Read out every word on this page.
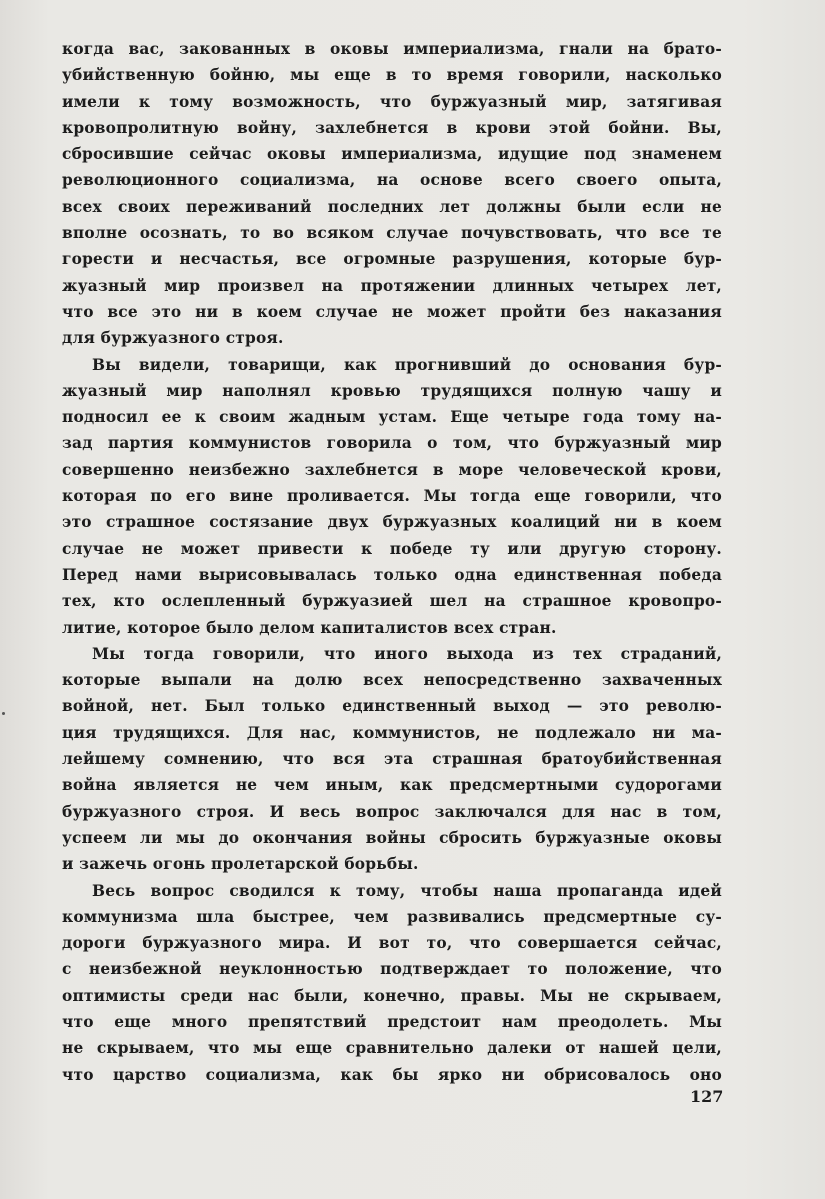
когда вас, закованных в оковы империализма, гнали на брато-
убийственную бойню, мы еще в то время говорили, насколько
имели к тому возможность, что буржуазный мир, затягивая
кровопролитную войну, захлебнется в крови этой бойни. Вы,
сбросившие сейчас оковы империализма, идущие под знаменем
революционного социализма, на основе всего своего опыта,
всех своих переживаний последних лет должны были если не
вполне осознать, то во всяком случае почувствовать, что все те
горести и несчастья, все огромные разрушения, которые бур-
жуазный мир произвел на протяжении длинных четырех лет,
что все это ни в коем случае не может пройти без наказания
для буржуазного строя.
Вы видели, товарищи, как прогнивший до основания бур-
жуазный мир наполнял кровью трудящихся полную чашу и
подносил ее к своим жадным устам. Еще четыре года тому на-
зад партия коммунистов говорила о том, что буржуазный мир
совершенно неизбежно захлебнется в море человеческой крови,
которая по его вине проливается. Мы тогда еще говорили, что
это страшное состязание двух буржуазных коалиций ни в коем
случае не может привести к победе ту или другую сторону.
Перед нами вырисовывалась только одна единственная победа
тех, кто ослепленный буржуазией шел на страшное кровопро-
литие, которое было делом капиталистов всех стран.
Мы тогда говорили, что иного выхода из тех страданий,
которые выпали на долю всех непосредственно захваченных
войной, нет. Был только единственный выход — это револю-
ция трудящихся. Для нас, коммунистов, не подлежало ни ма-
лейшему сомнению, что вся эта страшная братоубийственная
война является не чем иным, как предсмертными судорогами
буржуазного строя. И весь вопрос заключался для нас в том,
успеем ли мы до окончания войны сбросить буржуазные оковы
и зажечь огонь пролетарской борьбы.
Весь вопрос сводился к тому, чтобы наша пропаганда идей
коммунизма шла быстрее, чем развивались предсмертные су-
дороги буржуазного мира. И вот то, что совершается сейчас,
с неизбежной неуклонностью подтверждает то положение, что
оптимисты среди нас были, конечно, правы. Мы не скрываем,
что еще много препятствий предстоит нам преодолеть. Мы
не скрываем, что мы еще сравнительно далеки от нашей цели,
что царство социализма, как бы ярко ни обрисовалось оно
127
